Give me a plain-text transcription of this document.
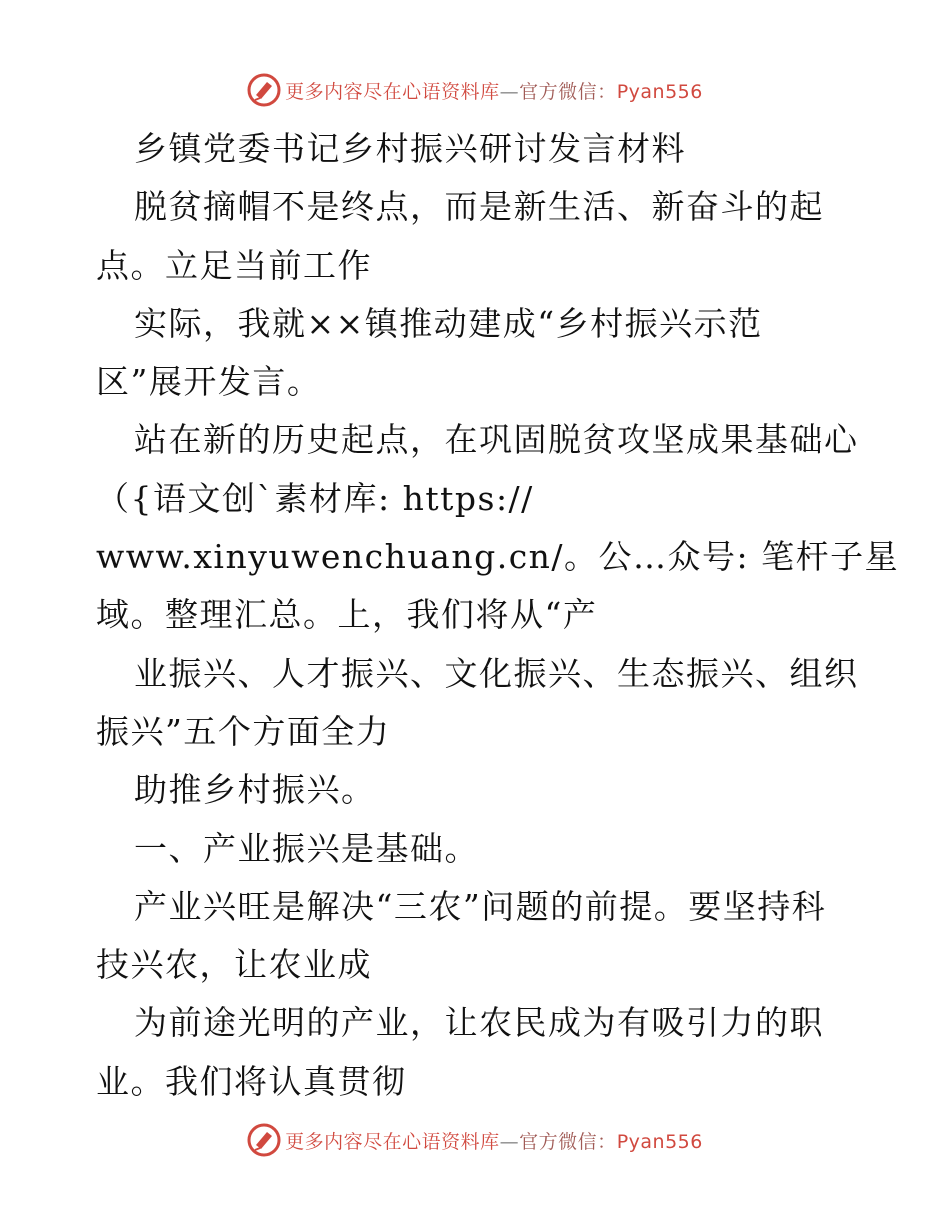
更多内容尽在心语资料库—官方微信：Pyan556
乡镇党委书记乡村振兴研讨发言材料
脱贫摘帽不是终点，而是新生活、新奋斗的起
点。立足当前工作
实际，我就××镇推动建成“乡村振兴示范
区”展开发言。
站在新的历史起点，在巩固脱贫攻坚成果基础心
（{语文创`素材库: https://
www.xinyuwenchuang.cn/。公…众号: 笔杆子星
域。整理汇总。上，我们将从“产
业振兴、人才振兴、文化振兴、生态振兴、组织
振兴”五个方面全力
助推乡村振兴。
一、产业振兴是基础。
产业兴旺是解决“三农”问题的前提。要坚持科
技兴农，让农业成
为前途光明的产业，让农民成为有吸引力的职
业。我们将认真贯彻
更多内容尽在心语资料库—官方微信：Pyan556
